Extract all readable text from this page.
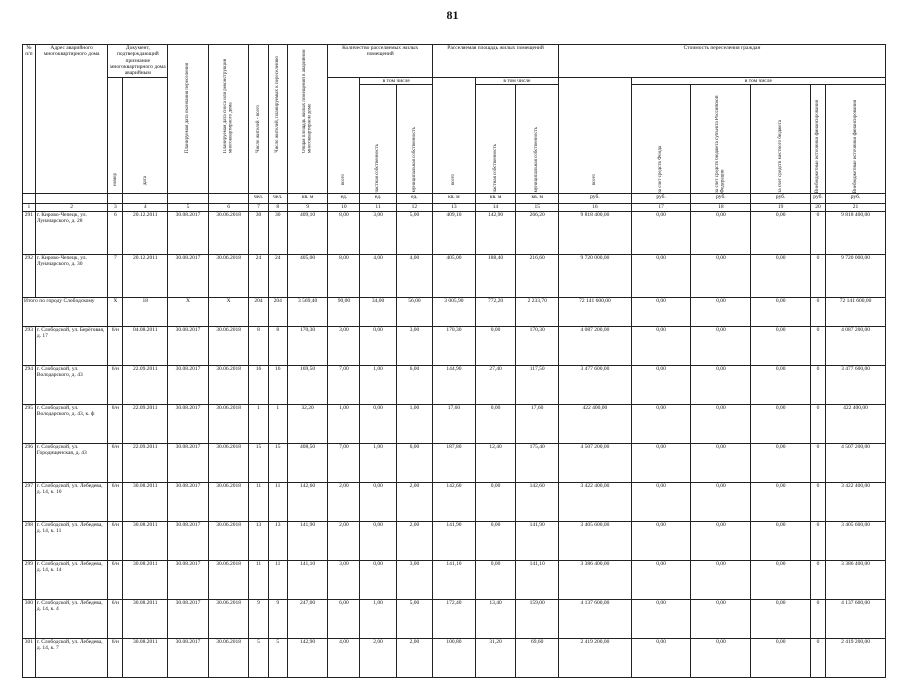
81
№ п/п	Адрес аварийного многоквартирного дома	Документ, подтверждающий признание многоквартирного дома аварийным		Планируемая дата окончания переселения	Планируемая дата сноса или реконструкции многоквартирного дома	Число жителей - всего	Число жителей, планируемых к переселению	Общая площадь жилых помещений в аварийном многоквартирном доме	Количество расселяемых жилых помещений			Расселяемая площадь жилых помещений			Стоимость переселения граждан					

		номер	дата						всего	в том числе		всего	в том числе		всего	в том числе				

										частная собственность	муниципальная собственность		частная собственность	муниципальная собственность		за счет средств Фонда	за счет средств бюджета субъекта Российской Федерации	за счет средств местного бюджета	Внебюджетные источники финансирования	Внебюджетные источники финансирования

						чел.	чел.	кв. м	ед.	ед.	ед.	кв. м	кв. м	кв. м	руб.	руб.	руб.	руб.	руб.	руб.
1	2	3	4	5	6	7	8	9	10	11	12	13	14	15	16	17	18	19	20	21
291	г. Кирово-Чепецк, ул. Луначарского, д. 28	6	20.12.2011	30.08.2017	30.06.2018	30	30	409,10	8,00	3,00	5,00	409,10	142,90	266,20	9 818 400,00	0,00	0,00	0,00	0	9 818 400,00
292	г. Кирово-Чепецк, ул. Луначарского, д. 30	7	20.12.2011	30.08.2017	30.06.2018	24	24	405,00	8,00	4,00	4,00	405,00	188,40	216,60	9 720 000,00	0,00	0,00	0,00	0	9 720 000,00
Итого по городу Слободскому		X	18	X	X	204	204	3 569,40	90,00	34,00	56,00	3 005,90	772,20	2 233,70	72 141 600,00	0,00	0,00	0,00	0	72 141 600,00
293	г. Слободской, ул. Берёговая, д. 17	6/н	04.08.2011	30.08.2017	30.06.2018	8	8	170,30	3,00	0,00	3,00	170,30	0,00	170,30	4 087 200,00	0,00	0,00	0,00	0	4 087 200,00
294	г. Слободской, ул. Володарского, д. 43	6/н	22.09.2011	30.08.2017	30.06.2018	16	16	169,50	7,00	1,00	6,00	144,90	27,40	117,50	3 477 600,00	0,00	0,00	0,00	0	3 477 600,00
295	г. Слободской, ул. Володарского, д. 43, к. ф	6/н	22.09.2011	30.08.2017	30.06.2018	1	1	32,20	1,00	0,00	1,00	17,60	0,00	17,60	422 400,00	0,00	0,00	0,00	0	422 400,00
296	г. Слободской, ул. Городищенская, д. 43	6/н	22.09.2011	30.08.2017	30.06.2018	15	15	408,50	7,00	1,00	6,00	187,80	12,40	175,40	4 507 200,00	0,00	0,00	0,00	0	4 507 200,00
297	г. Слободской, ул. Лебедева, д. 14, к. 10	6/н	30.08.2011	30.08.2017	30.06.2018	11	11	142,60	2,00	0,00	2,00	142,60	0,00	142,60	3 422 400,00	0,00	0,00	0,00	0	3 422 400,00
298	г. Слободской, ул. Лебедева, д. 14, к. 11	6/н	30.08.2011	30.08.2017	30.06.2018	13	13	141,90	2,00	0,00	2,00	141,90	0,00	141,90	3 405 600,00	0,00	0,00	0,00	0	3 405 600,00
299	г. Слободской, ул. Лебедева, д. 14, к. 14	6/н	30.08.2011	30.08.2017	30.06.2018	11	11	141,10	3,00	0,00	3,00	141,10	0,00	141,10	3 386 400,00	0,00	0,00	0,00	0	3 386 400,00
300	г. Слободской, ул. Лебедева, д. 14, к. 4	6/н	30.08.2011	30.08.2017	30.06.2018	9	9	247,00	6,00	1,00	5,00	172,40	13,40	159,00	4 137 600,00	0,00	0,00	0,00	0	4 137 600,00
301	г. Слободской, ул. Лебедева, д. 14, к. 7	6/н	30.08.2011	30.08.2017	30.06.2018	5	5	142,90	4,00	2,00	2,00	100,80	31,20	69,60	2 419 200,00	0,00	0,00	0,00	0	2 419 200,00
